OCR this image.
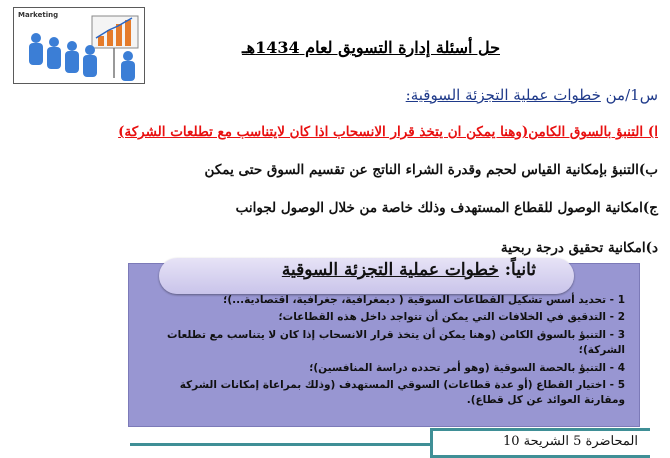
Marketing
حل أسئلة إدارة التسويق لعام 1434هـ
س1/من خطوات عملية التجزئة السوقية:
ا) التنبؤ بالسوق الكامن(وهنا يمكن ان يتخذ قرار الانسحاب اذا كان لايتناسب مع تطلعات الشركة)
ب)التنبؤ بإمكانية القياس لحجم وقدرة الشراء الناتج عن تقسيم السوق حتى يمكن
ج)امكانية الوصول للقطاع المستهدف وذلك خاصة من خلال الوصول لجوانب
د)امكانية تحقيق درجة ربحية
ثانياً: خطوات عملية التجزئة السوقية
1 - تحديد أسس تشكيل القطاعات السوقية ( ديمغرافية، جغرافية، اقتصادية...)؛
2 - التدقيق في الخلافات التي يمكن أن تتواجد داخل هذه القطاعات؛
3 - التنبؤ بالسوق الكامن (وهنا يمكن أن يتخذ قرار الانسحاب إذا كان لا يتناسب مع تطلعات الشركة)؛
4 - التنبؤ بالحصة السوقية (وهو أمر تحدده دراسة المنافسين)؛
5 - اختيار القطاع (أو عدة قطاعات) السوقي المستهدف (وذلك بمراعاة إمكانات الشركة ومقارنة العوائد عن كل قطاع).
المحاضرة 5 الشريحة 10
